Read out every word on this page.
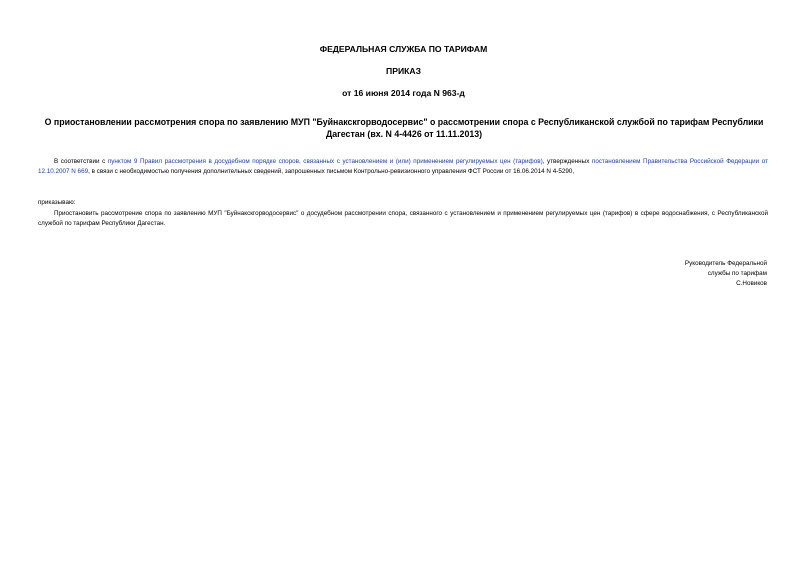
ФЕДЕРАЛЬНАЯ СЛУЖБА ПО ТАРИФАМ
ПРИКАЗ
от 16 июня 2014 года N 963-д
О приостановлении рассмотрения спора по заявлению МУП "Буйнакскгорводосервис" о рассмотрении спора с Республиканской службой по тарифам Республики Дагестан (вх. N 4-4426 от 11.11.2013)
В соответствии с пунктом 9 Правил рассмотрения в досудебном порядке споров, связанных с установлением и (или) применением регулируемых цен (тарифов), утвержденных постановлением Правительства Российской Федерации от 12.10.2007 N 669, в связи с необходимостью получения дополнительных сведений, запрошенных письмом Контрольно-ревизионного управления ФСТ России от 16.06.2014 N 4-5290,
приказываю:
Приостановить рассмотрение спора по заявлению МУП "Буйнакскгорводосервис" о досудебном рассмотрении спора, связанного с установлением и применением регулируемых цен (тарифов) в сфере водоснабжения, с Республиканской службой по тарифам Республики Дагестан.
Руководитель Федеральной
службы по тарифам
С.Новиков
